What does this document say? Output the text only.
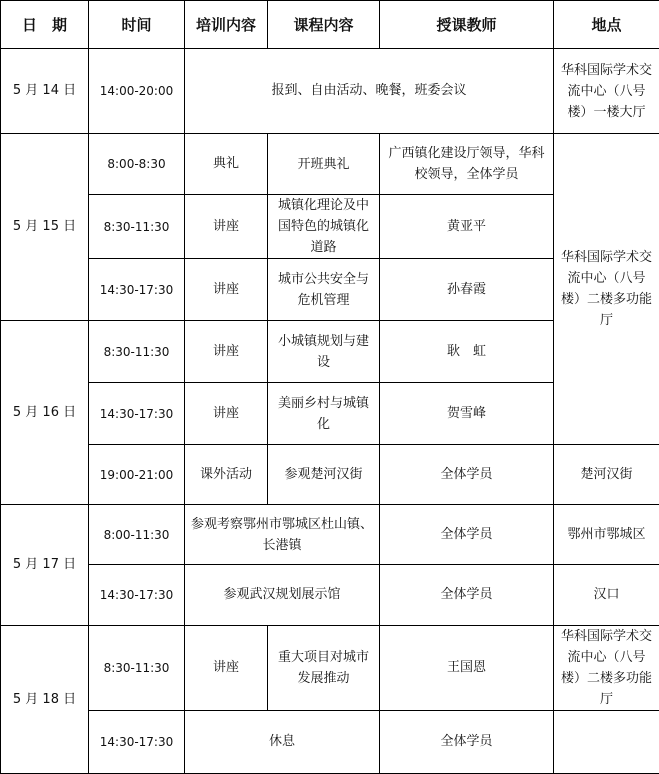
日　期	时间	培训内容	课程内容	授课教师	地点
5 月 14 日	14:00-20:00	报到、自由活动、晚餐，班委会议			华科国际学术交流中心（八号楼）一楼大厅
5 月 15 日	8:00-8:30	典礼	开班典礼	广西镇化建设厅领导，华科校领导，全体学员	华科国际学术交流中心（八号楼）二楼多功能厅
	8:30-11:30	讲座	城镇化理论及中国特色的城镇化道路	黄亚平	
	14:30-17:30	讲座	城市公共安全与危机管理	孙春霞	
5 月 16 日	8:30-11:30	讲座	小城镇规划与建设	耿　虹	
	14:30-17:30	讲座	美丽乡村与城镇化	贺雪峰	
	19:00-21:00	课外活动	参观楚河汉街	全体学员	楚河汉街
5 月 17 日	8:00-11:30	参观考察鄂州市鄂城区杜山镇、长港镇		全体学员	鄂州市鄂城区
	14:30-17:30	参观武汉规划展示馆		全体学员	汉口
5 月 18 日	8:30-11:30	讲座	重大项目对城市发展推动	王国恩	华科国际学术交流中心（八号楼）二楼多功能厅
	14:30-17:30	休息		全体学员	
